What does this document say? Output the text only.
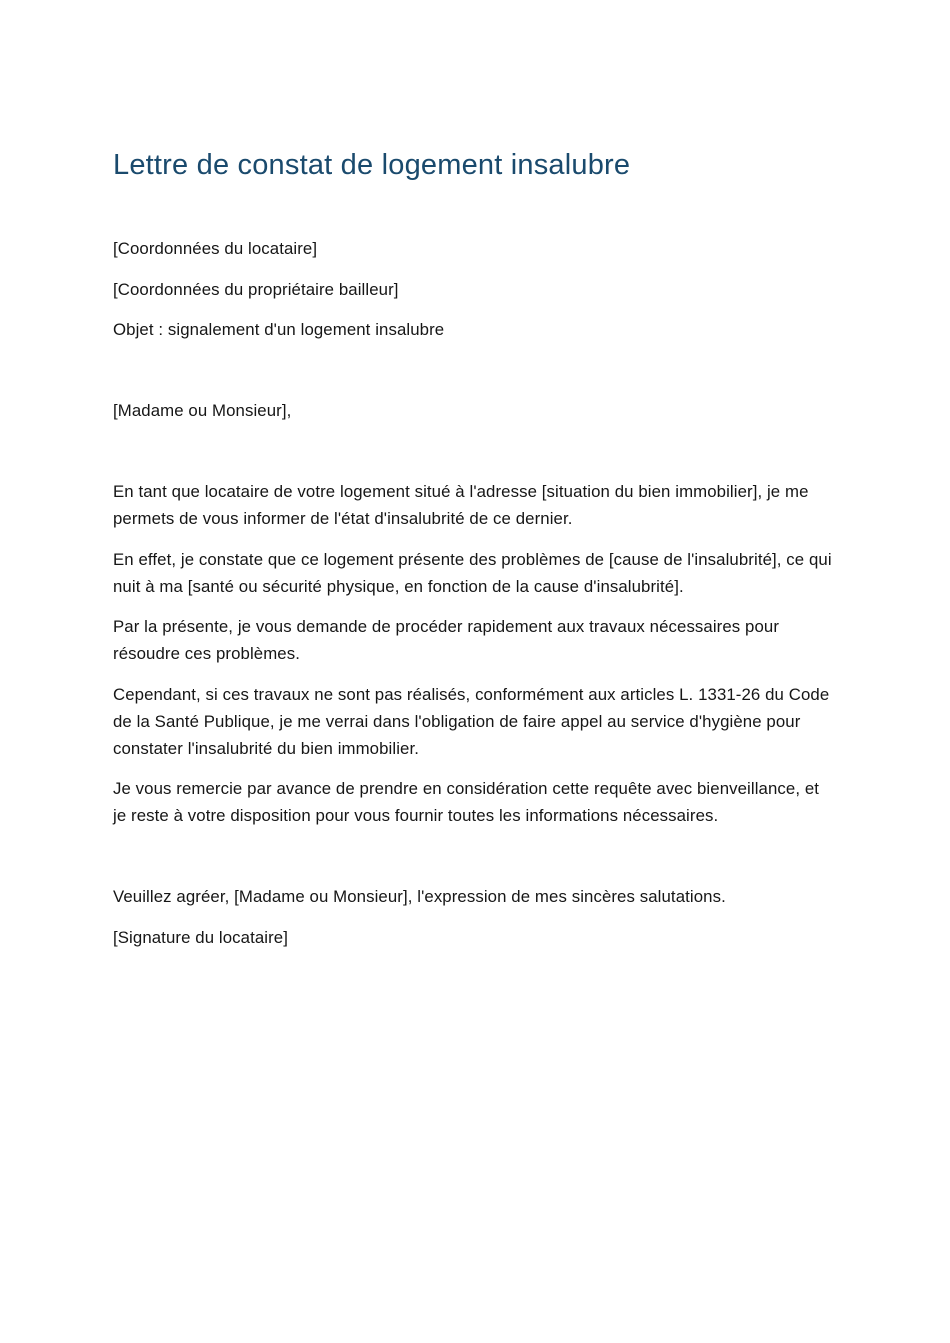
Lettre de constat de logement insalubre

[Coordonnées du locataire]

[Coordonnées du propriétaire bailleur]

Objet : signalement d'un logement insalubre

[Madame ou Monsieur],

En tant que locataire de votre logement situé à l'adresse [situation du bien immobilier], je me permets de vous informer de l'état d'insalubrité de ce dernier.

En effet, je constate que ce logement présente des problèmes de [cause de l'insalubrité], ce qui nuit à ma [santé ou sécurité physique, en fonction de la cause d'insalubrité].

Par la présente, je vous demande de procéder rapidement aux travaux nécessaires pour résoudre ces problèmes.

Cependant, si ces travaux ne sont pas réalisés, conformément aux articles L. 1331-26 du Code de la Santé Publique, je me verrai dans l'obligation de faire appel au service d'hygiène pour constater l'insalubrité du bien immobilier.

Je vous remercie par avance de prendre en considération cette requête avec bienveillance, et je reste à votre disposition pour vous fournir toutes les informations nécessaires.

Veuillez agréer, [Madame ou Monsieur], l'expression de mes sincères salutations.

[Signature du locataire]
